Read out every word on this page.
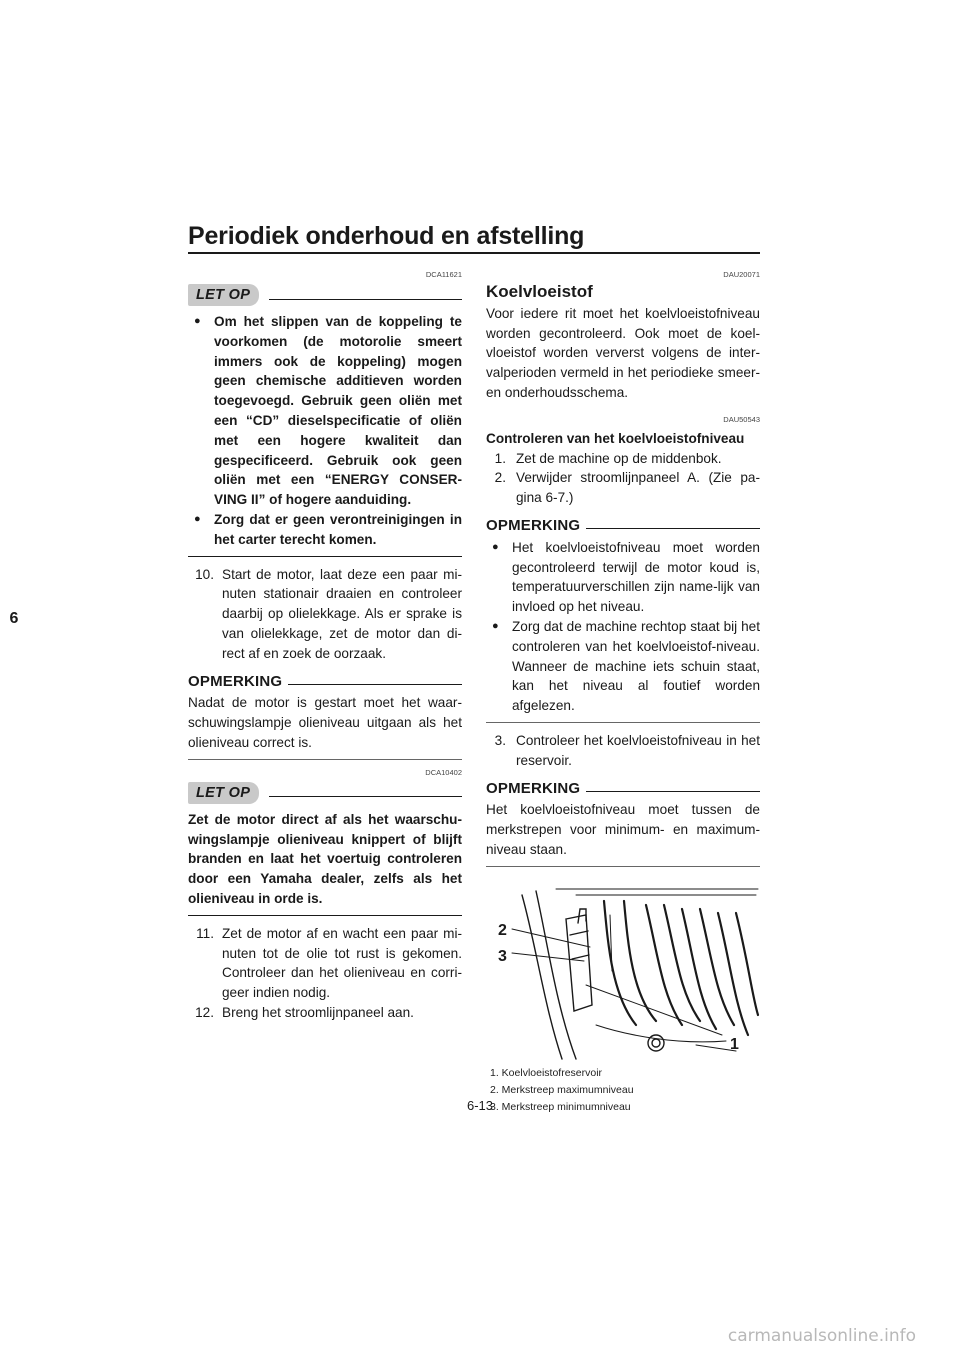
Periodiek onderhoud en afstelling
6
DCA11621
LET OP
● Om het slippen van de koppeling te voorkomen (de motorolie smeert immers ook de koppeling) mogen geen chemische additieven worden toegevoegd. Gebruik geen oliën met een “CD” dieselspecificatie of oliën met een hogere kwaliteit dan gespecificeerd. Gebruik ook geen oliën met een “ENERGY CONSER-VING II” of hogere aanduiding.
● Zorg dat er geen verontreinigingen in het carter terecht komen.
10. Start de motor, laat deze een paar mi-nuten stationair draaien en controleer daarbij op olielekkage. Als er sprake is van olielekkage, zet de motor dan di-rect af en zoek de oorzaak.
OPMERKING
Nadat de motor is gestart moet het waar-schuwingslampje olieniveau uitgaan als het olieniveau correct is.
DCA10402
LET OP
Zet de motor direct af als het waarschu-wingslampje olieniveau knippert of blijft branden en laat het voertuig controleren door een Yamaha dealer, zelfs als het olieniveau in orde is.
11. Zet de motor af en wacht een paar mi-nuten tot de olie tot rust is gekomen. Controleer dan het olieniveau en corri-geer indien nodig.
12. Breng het stroomlijnpaneel aan.
DAU20071
Koelvloeistof
Voor iedere rit moet het koelvloeistofniveau worden gecontroleerd. Ook moet de koel-vloeistof worden ververst volgens de inter-valperioden vermeld in het periodieke smeer- en onderhoudsschema.
DAU50543
Controleren van het koelvloeistofniveau
1. Zet de machine op de middenbok.
2. Verwijder stroomlijnpaneel A. (Zie pa-gina 6-7.)
OPMERKING
● Het koelvloeistofniveau moet worden gecontroleerd terwijl de motor koud is, temperatuurverschillen zijn name-lijk van invloed op het niveau.
● Zorg dat de machine rechtop staat bij het controleren van het koelvloeistof-niveau. Wanneer de machine iets schuin staat, kan het niveau al foutief worden afgelezen.
3. Controleer het koelvloeistofniveau in het reservoir.
OPMERKING
Het koelvloeistofniveau moet tussen de merkstrepen voor minimum- en maximum-niveau staan.
2
3
1
1. Koelvloeistofreservoir
2. Merkstreep maximumniveau
3. Merkstreep minimumniveau
6-13
carmanualsonline.info
